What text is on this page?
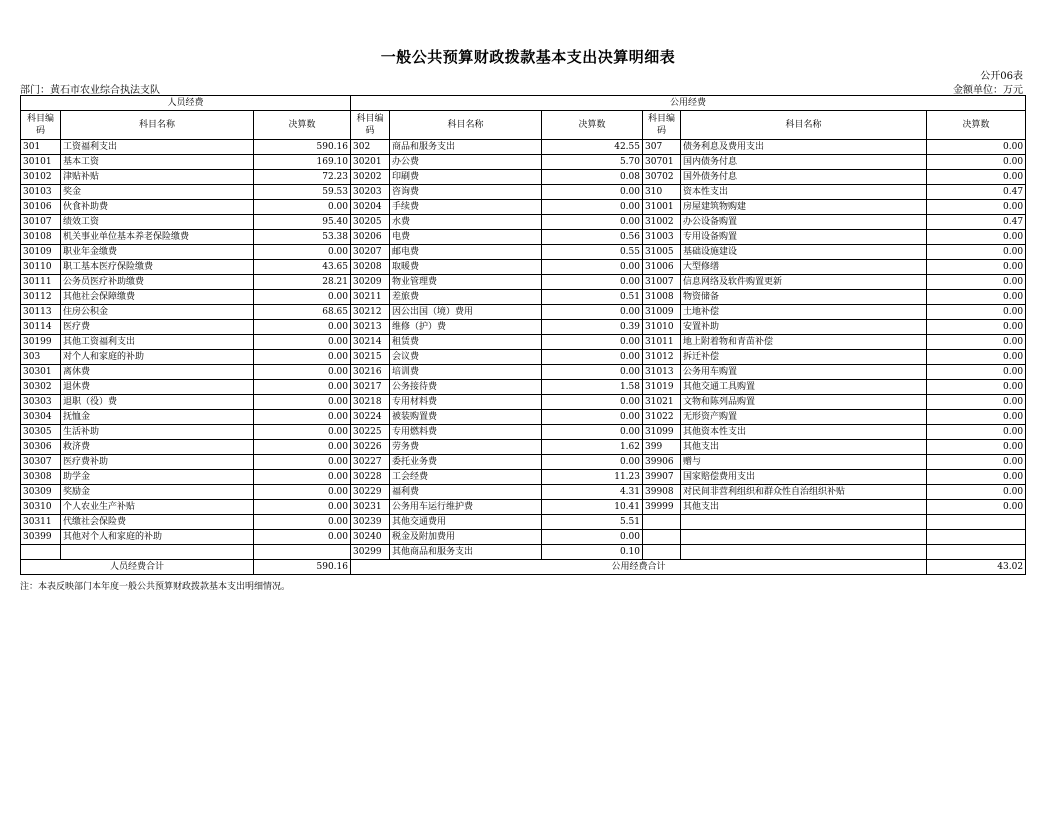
一般公共预算财政拨款基本支出决算明细表
公开06表
部门：黄石市农业综合执法支队	金额单位：万元
人员经费			公用经费					
科目编码	科目名称	决算数	科目编码	科目名称	决算数	科目编码	科目名称	决算数
301	工资福利支出	590.16	302	商品和服务支出	42.55	307	债务利息及费用支出	0.00
30101	基本工资	169.10	30201	办公费	5.70	30701	国内债务付息	0.00
30102	津贴补贴	72.23	30202	印刷费	0.08	30702	国外债务付息	0.00
30103	奖金	59.53	30203	咨询费	0.00	310	资本性支出	0.47
30106	伙食补助费	0.00	30204	手续费	0.00	31001	房屋建筑物购建	0.00
30107	绩效工资	95.40	30205	水费	0.00	31002	办公设备购置	0.47
30108	机关事业单位基本养老保险缴费	53.38	30206	电费	0.56	31003	专用设备购置	0.00
30109	职业年金缴费	0.00	30207	邮电费	0.55	31005	基础设施建设	0.00
30110	职工基本医疗保险缴费	43.65	30208	取暖费	0.00	31006	大型修缮	0.00
30111	公务员医疗补助缴费	28.21	30209	物业管理费	0.00	31007	信息网络及软件购置更新	0.00
30112	其他社会保障缴费	0.00	30211	差旅费	0.51	31008	物资储备	0.00
30113	住房公积金	68.65	30212	因公出国（境）费用	0.00	31009	土地补偿	0.00
30114	医疗费	0.00	30213	维修（护）费	0.39	31010	安置补助	0.00
30199	其他工资福利支出	0.00	30214	租赁费	0.00	31011	地上附着物和青苗补偿	0.00
303	对个人和家庭的补助	0.00	30215	会议费	0.00	31012	拆迁补偿	0.00
30301	离休费	0.00	30216	培训费	0.00	31013	公务用车购置	0.00
30302	退休费	0.00	30217	公务接待费	1.58	31019	其他交通工具购置	0.00
30303	退职（役）费	0.00	30218	专用材料费	0.00	31021	文物和陈列品购置	0.00
30304	抚恤金	0.00	30224	被装购置费	0.00	31022	无形资产购置	0.00
30305	生活补助	0.00	30225	专用燃料费	0.00	31099	其他资本性支出	0.00
30306	救济费	0.00	30226	劳务费	1.62	399	其他支出	0.00
30307	医疗费补助	0.00	30227	委托业务费	0.00	39906	赠与	0.00
30308	助学金	0.00	30228	工会经费	11.23	39907	国家赔偿费用支出	0.00
30309	奖励金	0.00	30229	福利费	4.31	39908	对民间非营利组织和群众性自治组织补贴	0.00
30310	个人农业生产补贴	0.00	30231	公务用车运行维护费	10.41	39999	其他支出	0.00
30311	代缴社会保险费	0.00	30239	其他交通费用	5.51			
30399	其他对个人和家庭的补助	0.00	30240	税金及附加费用	0.00			
			30299	其他商品和服务支出	0.10			
人员经费合计		590.16	公用经费合计					43.02
注：本表反映部门本年度一般公共预算财政拨款基本支出明细情况。
